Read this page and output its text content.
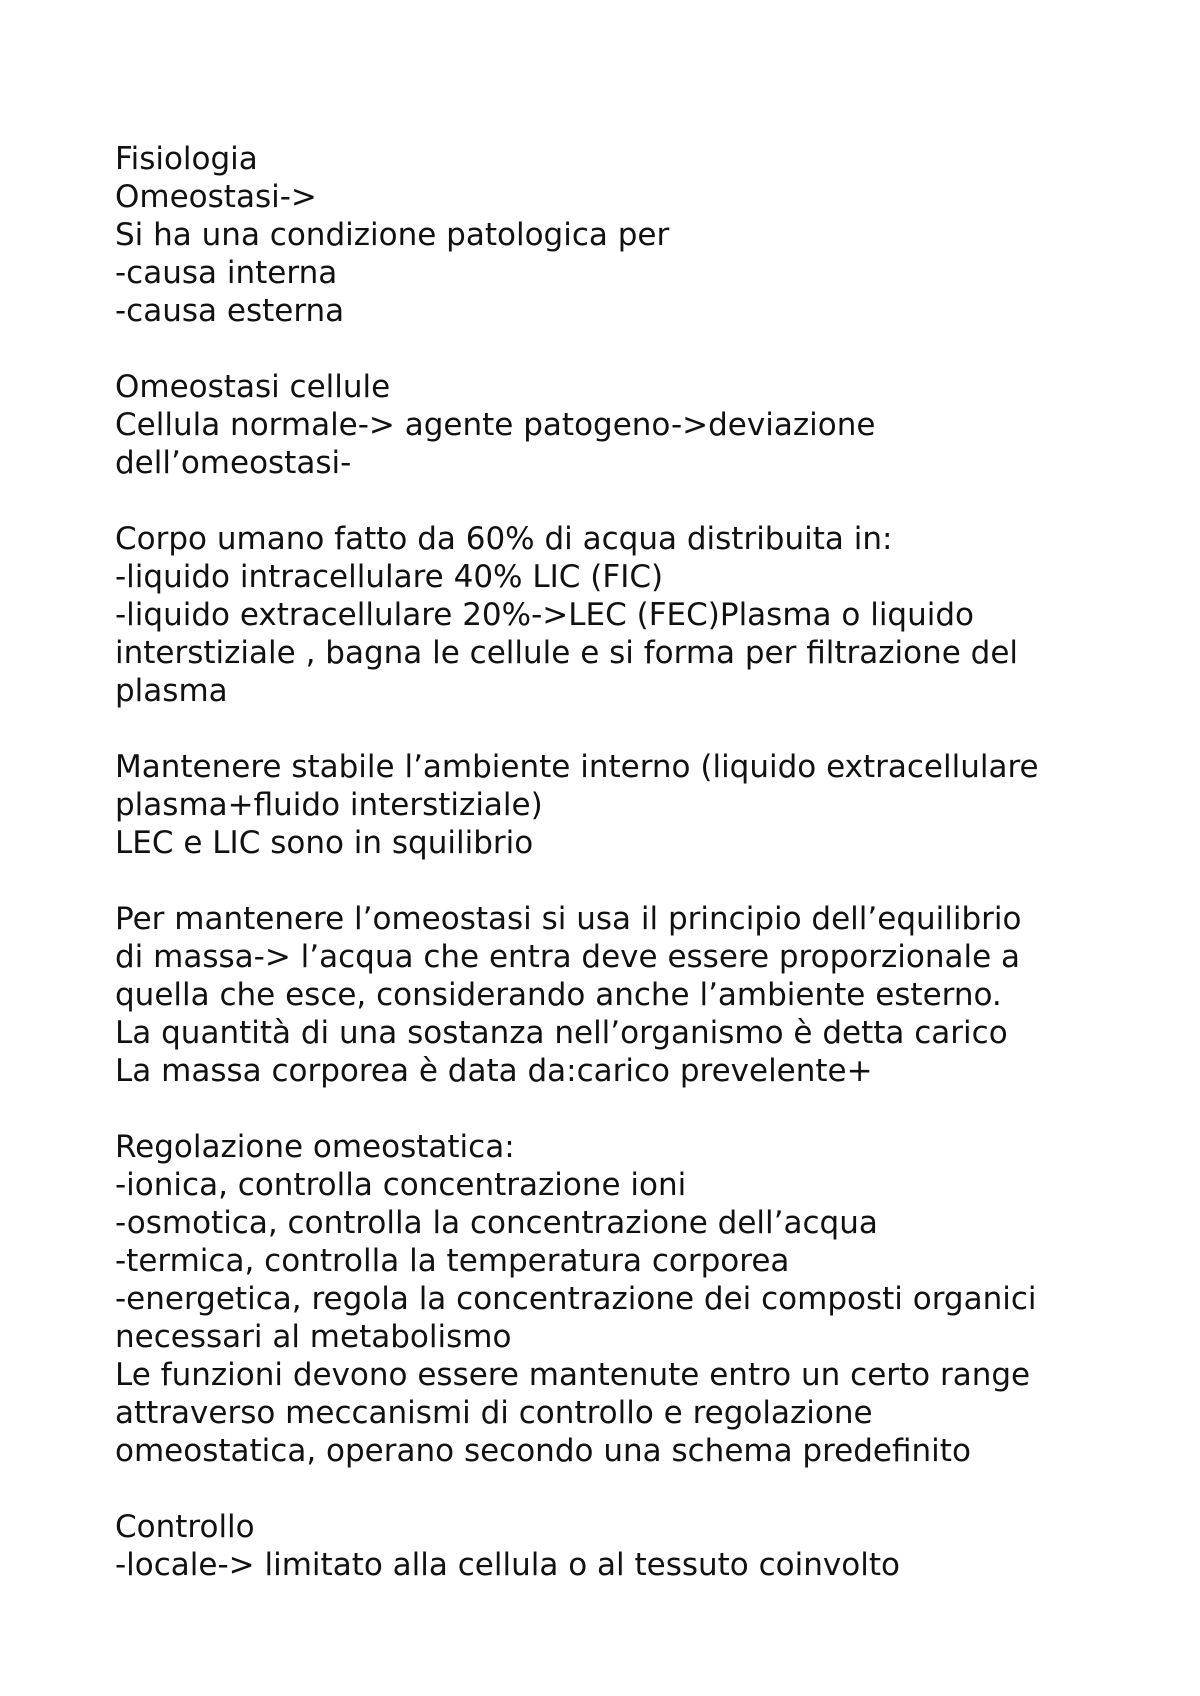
Fisiologia
Omeostasi->
Si ha una condizione patologica per
-causa interna
-causa esterna
Omeostasi cellule
Cellula normale-> agente patogeno->deviazione
dell’omeostasi-
Corpo umano fatto da 60% di acqua distribuita in:
-liquido intracellulare 40% LIC (FIC)
-liquido extracellulare 20%->LEC (FEC)Plasma o liquido
interstiziale , bagna le cellule e si forma per filtrazione del
plasma
Mantenere stabile l’ambiente interno (liquido extracellulare
plasma+fluido interstiziale)
LEC e LIC sono in squilibrio
Per mantenere l’omeostasi si usa il principio dell’equilibrio
di massa-> l’acqua che entra deve essere proporzionale a
quella che esce, considerando anche l’ambiente esterno.
La quantità di una sostanza nell’organismo è detta carico
La massa corporea è data da:carico prevelente+
Regolazione omeostatica:
-ionica, controlla concentrazione ioni
-osmotica, controlla la concentrazione dell’acqua
-termica, controlla la temperatura corporea
-energetica, regola la concentrazione dei composti organici
necessari al metabolismo
Le funzioni devono essere mantenute entro un certo range
attraverso meccanismi di controllo e regolazione
omeostatica, operano secondo una schema predefinito
Controllo
-locale-> limitato alla cellula o al tessuto coinvolto
